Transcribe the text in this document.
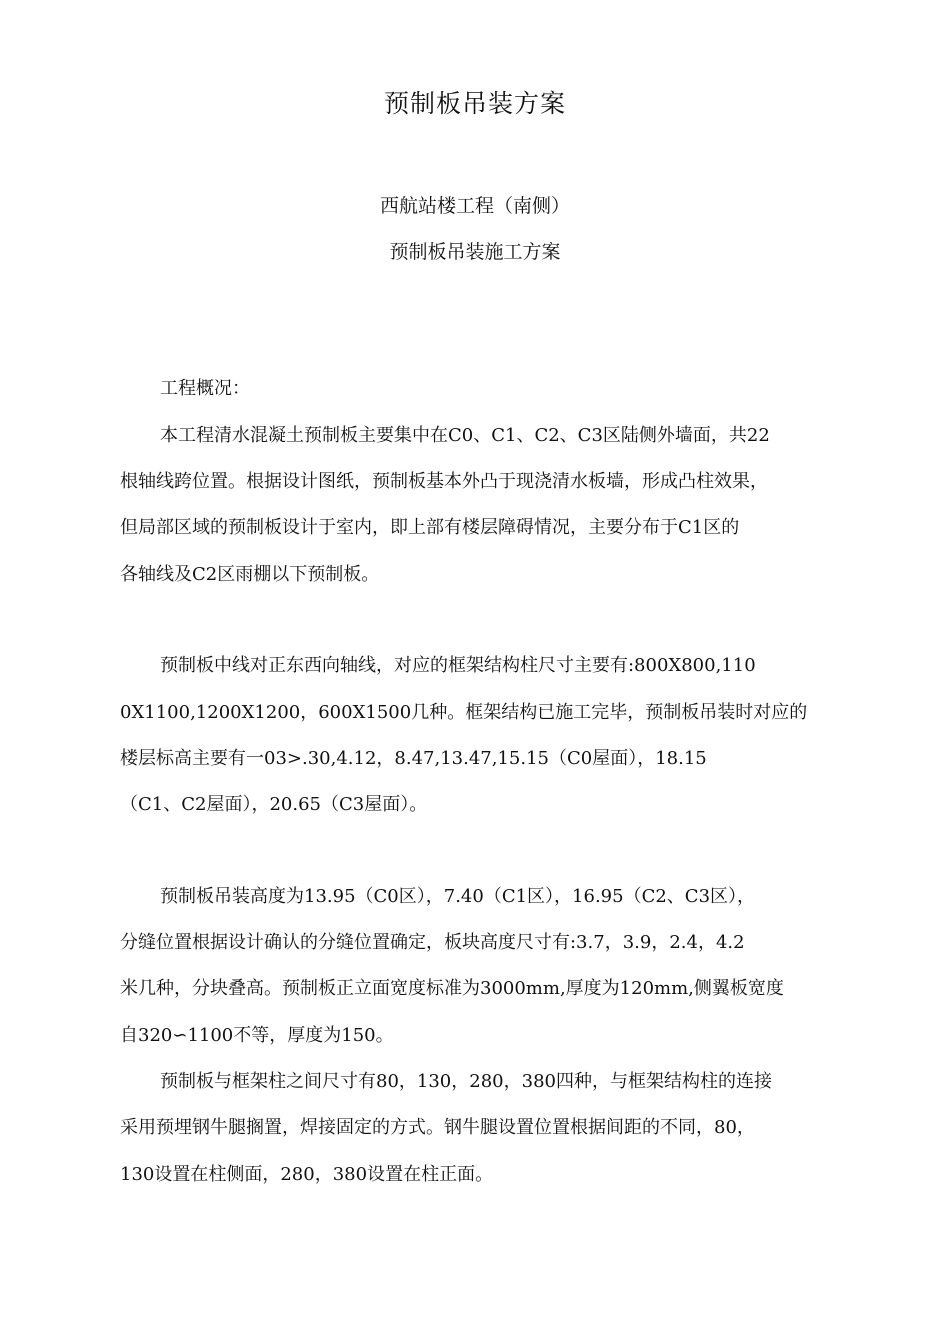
预制板吊装方案
西航站楼工程（南侧）
预制板吊装施工方案
工程概况：
本工程清水混凝土预制板主要集中在C0、C1、C2、C3区陆侧外墙面，共22
根轴线跨位置。根据设计图纸，预制板基本外凸于现浇清水板墙，形成凸柱效果，
但局部区域的预制板设计于室内，即上部有楼层障碍情况，主要分布于C1区的
各轴线及C2区雨棚以下预制板。
预制板中线对正东西向轴线，对应的框架结构柱尺寸主要有:800X800,110
0X1100,1200X1200，600X1500几种。框架结构已施工完毕，预制板吊装时对应的
楼层标高主要有一03>.30,4.12，8.47,13.47,15.15（C0屋面），18.15
（C1、C2屋面），20.65（C3屋面）。
预制板吊装高度为13.95（C0区），7.40（C1区），16.95（C2、C3区），
分缝位置根据设计确认的分缝位置确定，板块高度尺寸有:3.7，3.9，2.4，4.2
米几种，分块叠高。预制板正立面宽度标准为3000mm,厚度为120mm,侧翼板宽度
自320∽1100不等，厚度为150。
预制板与框架柱之间尺寸有80，130，280，380四种，与框架结构柱的连接
采用预埋钢牛腿搁置，焊接固定的方式。钢牛腿设置位置根据间距的不同，80，
130设置在柱侧面，280，380设置在柱正面。
